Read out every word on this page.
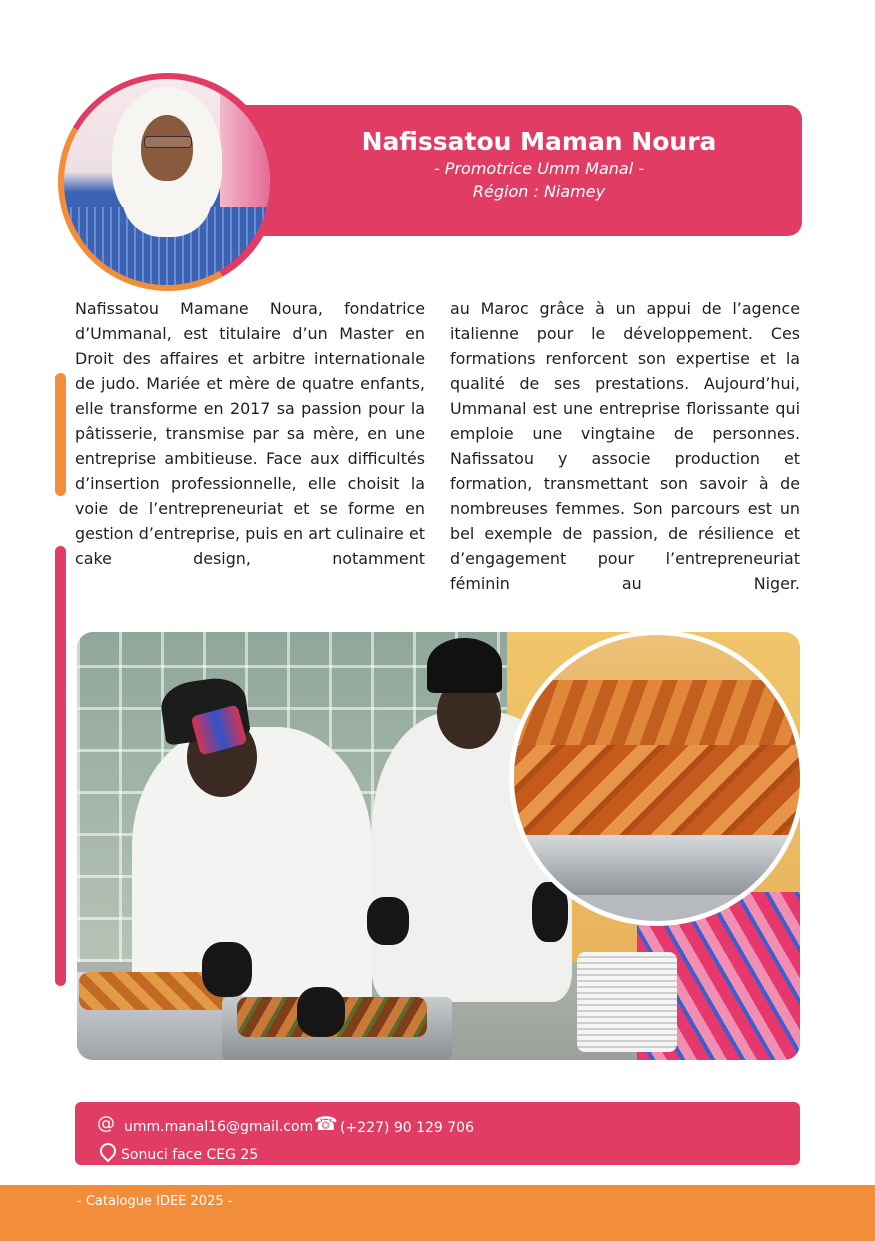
Nafissatou Maman Noura
- Promotrice Umm Manal -
Région : Niamey
Nafissatou Mamane Noura, fondatrice d’Ummanal, est titulaire d’un Master en Droit des affaires et arbitre internationale de judo. Mariée et mère de quatre enfants, elle transforme en 2017 sa passion pour la pâtisserie, transmise par sa mère, en une entreprise ambitieuse. Face aux difficultés d’insertion professionnelle, elle choisit la voie de l’entrepreneuriat et se forme en gestion d’entreprise, puis en art culinaire et cake design, notamment
au Maroc grâce à un appui de l’agence italienne pour le développement. Ces formations renforcent son expertise et la qualité de ses prestations. Aujourd’hui, Ummanal est une entreprise florissante qui emploie une vingtaine de personnes. Nafissatou y associe production et formation, transmettant son savoir à de nombreuses femmes. Son parcours est un bel exemple de passion, de résilience et d’engagement pour l’entrepreneuriat féminin au Niger.
@ umm.manal16@gmail.com ☎ (+227) 90 129 706
Sonuci face CEG 25
- Catalogue IDEE 2025 -
